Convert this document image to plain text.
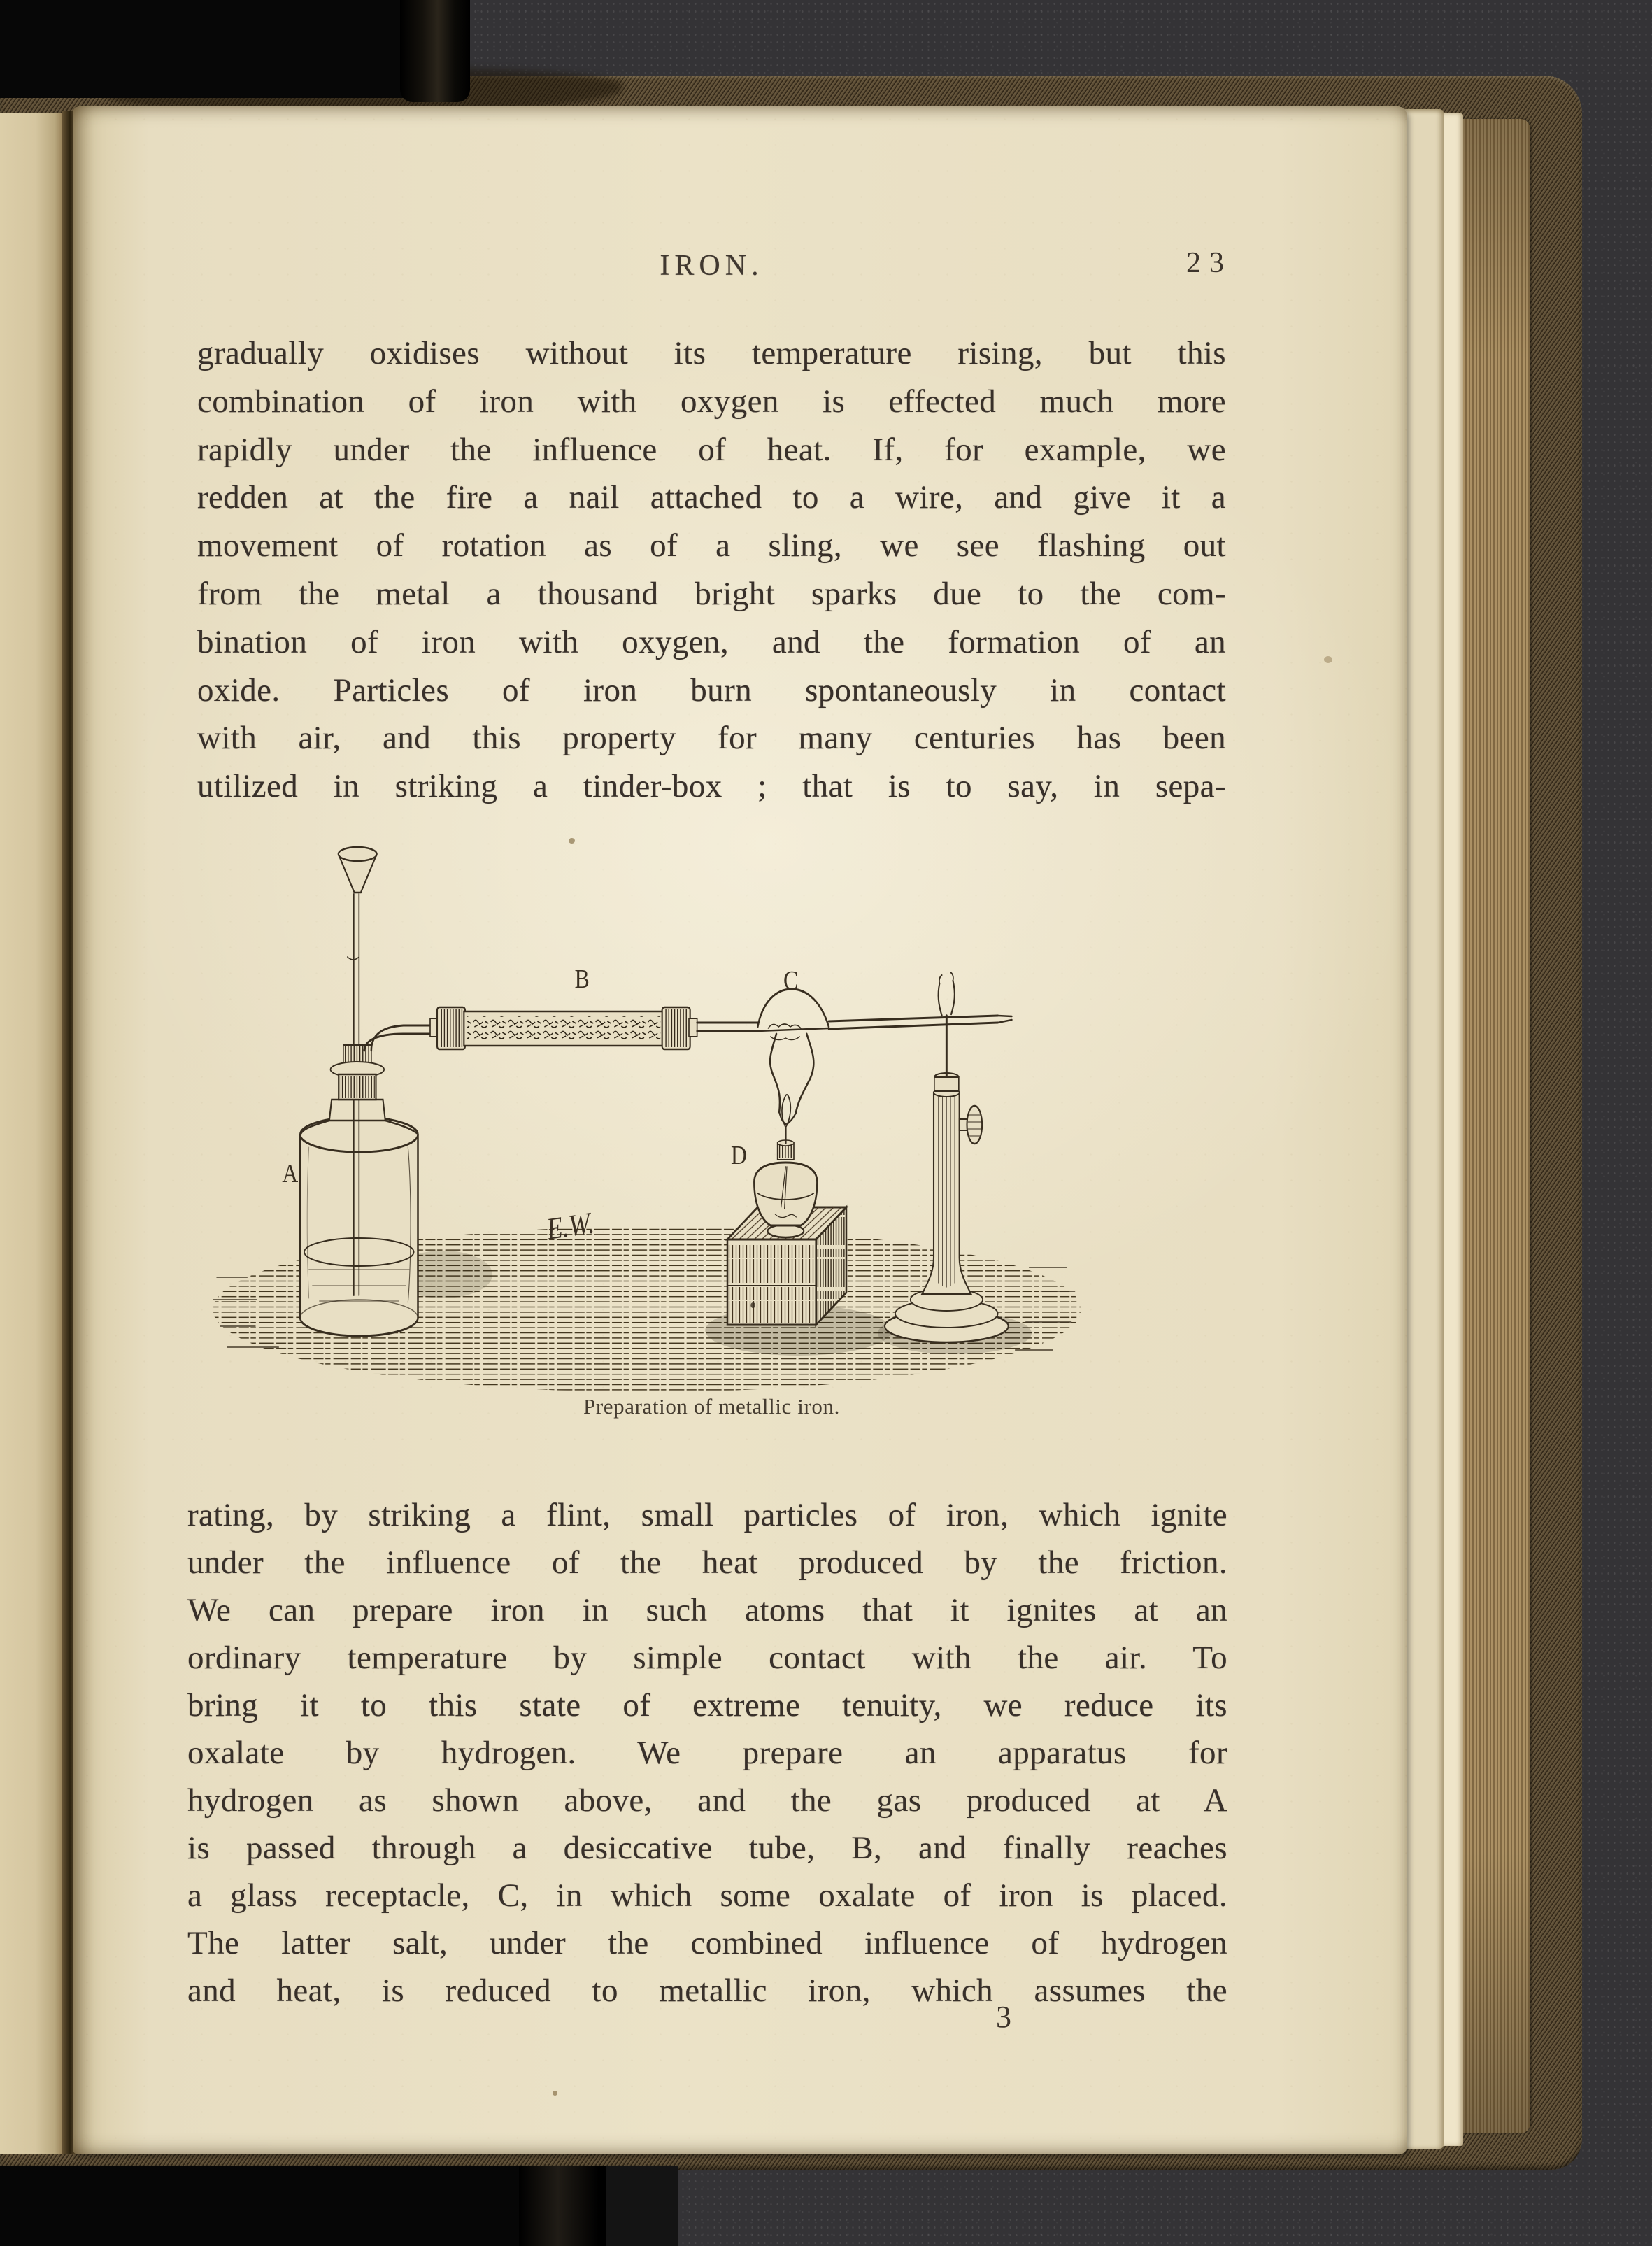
IRON.	23
gradually oxidises without its temperature rising, but this
combination of iron with oxygen is effected much more
rapidly under the influence of heat. If, for example, we
redden at the fire a nail attached to a wire, and give it a
movement of rotation as of a sling, we see flashing out
from the metal a thousand bright sparks due to the com-
bination of iron with oxygen, and the formation of an
oxide. Particles of iron burn spontaneously in contact
with air, and this property for many centuries has been
utilized in striking a tinder-box ; that is to say, in sepa-
A
B	C
D
E.W.
Preparation of metallic iron.
rating, by striking a flint, small particles of iron, which ignite
under the influence of the heat produced by the friction.
We can prepare iron in such atoms that it ignites at an
ordinary temperature by simple contact with the air. To
bring it to this state of extreme tenuity, we reduce its
oxalate by hydrogen. We prepare an apparatus for
hydrogen as shown above, and the gas produced at A
is passed through a desiccative tube, B, and finally reaches
a glass receptacle, C, in which some oxalate of iron is placed.
The latter salt, under the combined influence of hydrogen
and heat, is reduced to metallic iron, which assumes the
3
